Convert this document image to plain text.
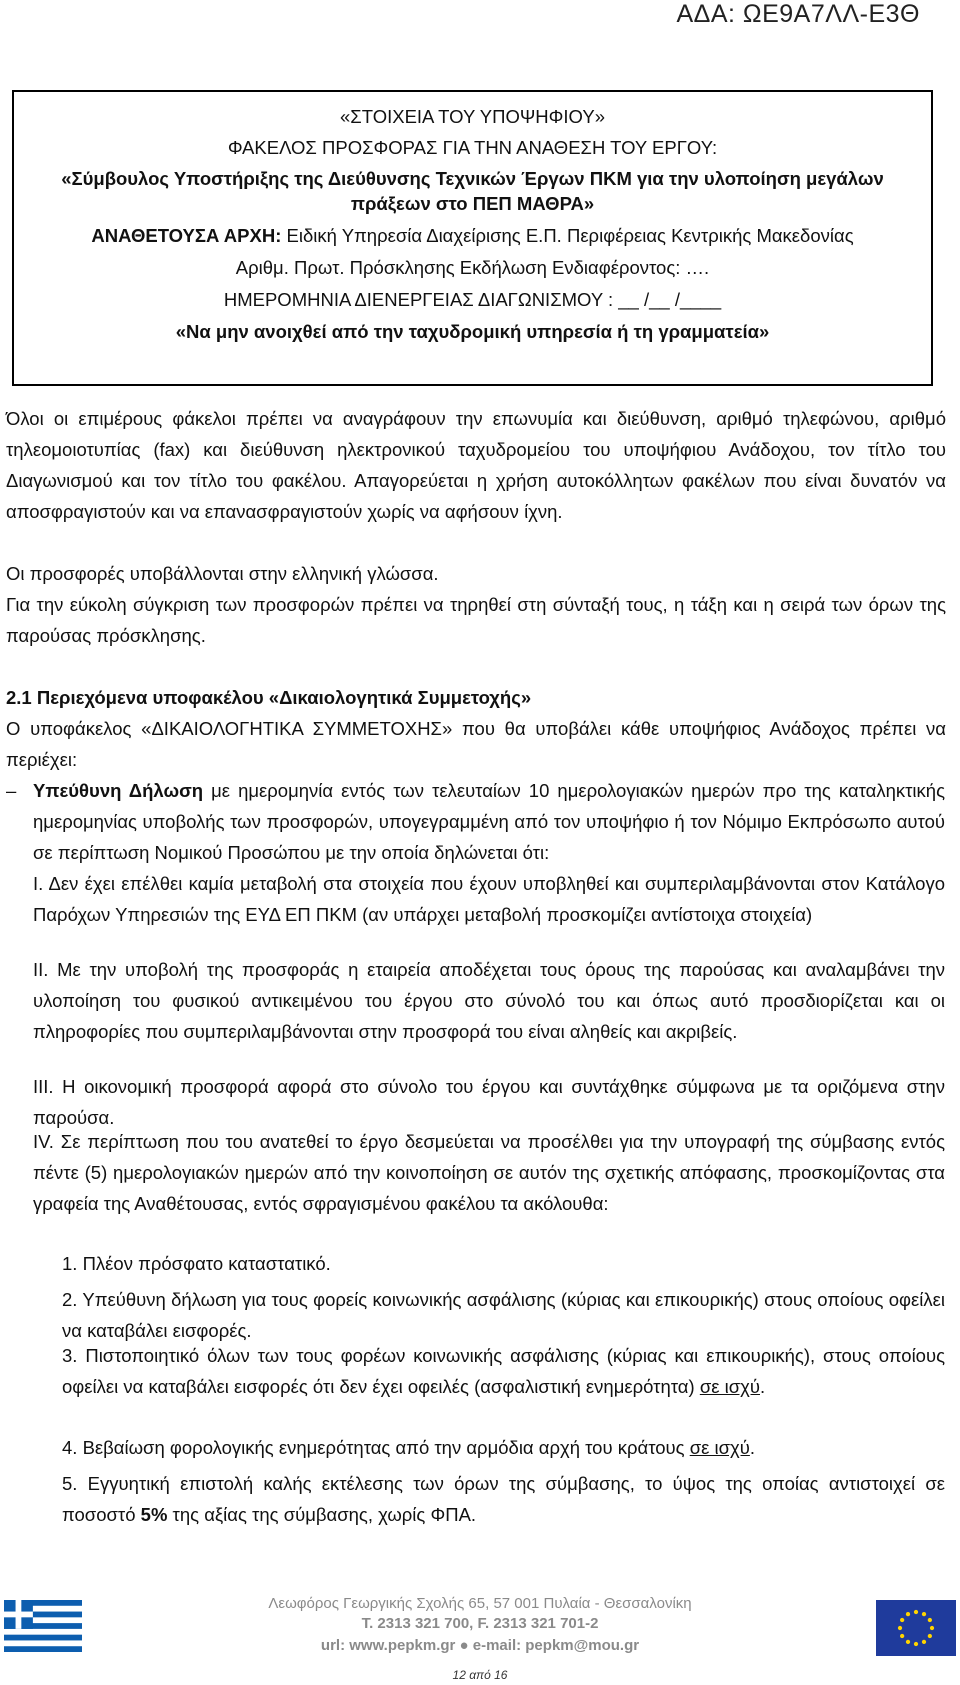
ΑΔΑ: ΩΕ9Α7ΛΛ-Ε3Θ
«ΣΤΟΙΧΕΙΑ ΤΟΥ ΥΠΟΨΗΦΙΟΥ»
ΦΑΚΕΛΟΣ ΠΡΟΣΦΟΡΑΣ ΓΙΑ ΤΗΝ ΑΝΑΘΕΣΗ ΤΟΥ ΕΡΓΟΥ:
«Σύμβουλος Υποστήριξης της Διεύθυνσης Τεχνικών Έργων ΠΚΜ για την υλοποίηση μεγάλων
πράξεων στο ΠΕΠ ΜΑΘΡΑ»
ΑΝΑΘΕΤΟΥΣΑ ΑΡΧΗ: Ειδική Υπηρεσία Διαχείρισης Ε.Π. Περιφέρειας Κεντρικής Μακεδονίας
Αριθμ. Πρωτ. Πρόσκλησης Εκδήλωση Ενδιαφέροντος: ….
ΗΜΕΡΟΜΗΝΙΑ ΔΙΕΝΕΡΓΕΙΑΣ ΔΙΑΓΩΝΙΣΜΟΥ : __ /__ /____
«Να μην ανοιχθεί από την ταχυδρομική υπηρεσία ή τη γραμματεία»

Όλοι οι επιμέρους φάκελοι πρέπει να αναγράφουν την επωνυμία και διεύθυνση, αριθμό τηλεφώνου, αριθμό τηλεομοιοτυπίας (fax) και διεύθυνση ηλεκτρονικού ταχυδρομείου του υποψήφιου Ανάδοχου, τον τίτλο του Διαγωνισμού και τον τίτλο του φακέλου. Απαγορεύεται η χρήση αυτοκόλλητων φακέλων που είναι δυνατόν να αποσφραγιστούν και να επανασφραγιστούν χωρίς να αφήσουν ίχνη.

Οι προσφορές υποβάλλονται στην ελληνική γλώσσα.

Για την εύκολη σύγκριση των προσφορών πρέπει να τηρηθεί στη σύνταξή τους, η τάξη και η σειρά των όρων της παρούσας πρόσκλησης.

2.1 Περιεχόμενα υποφακέλου «Δικαιολογητικά Συμμετοχής»

Ο υποφάκελος «ΔΙΚΑΙΟΛΟΓΗΤΙΚΑ ΣΥΜΜΕΤΟΧΗΣ» που θα υποβάλει κάθε υποψήφιος Ανάδοχος πρέπει να περιέχει:

– Υπεύθυνη Δήλωση με ημερομηνία εντός των τελευταίων 10 ημερολογιακών ημερών προ της καταληκτικής ημερομηνίας υποβολής των προσφορών, υπογεγραμμένη από τον υποψήφιο ή τον Νόμιμο Εκπρόσωπο αυτού σε περίπτωση Νομικού Προσώπου με την οποία δηλώνεται ότι:

Ι. Δεν έχει επέλθει καμία μεταβολή στα στοιχεία που έχουν υποβληθεί και συμπεριλαμβάνονται στον Κατάλογο Παρόχων Υπηρεσιών της ΕΥΔ ΕΠ ΠΚΜ (αν υπάρχει μεταβολή προσκομίζει αντίστοιχα στοιχεία)

ΙΙ. Με την υποβολή της προσφοράς η εταιρεία αποδέχεται τους όρους της παρούσας και αναλαμβάνει την υλοποίηση του φυσικού αντικειμένου του έργου στο σύνολό του και όπως αυτό προσδιορίζεται και οι πληροφορίες που συμπεριλαμβάνονται στην προσφορά του είναι αληθείς και ακριβείς.

ΙΙΙ. Η οικονομική προσφορά αφορά στο σύνολο του έργου και συντάχθηκε σύμφωνα με τα οριζόμενα στην παρούσα.

ΙV. Σε περίπτωση που του ανατεθεί το έργο δεσμεύεται να προσέλθει για την υπογραφή της σύμβασης εντός πέντε (5) ημερολογιακών ημερών από την κοινοποίηση σε αυτόν της σχετικής απόφασης, προσκομίζοντας στα γραφεία της Αναθέτουσας, εντός σφραγισμένου φακέλου τα ακόλουθα:

1. Πλέον πρόσφατο καταστατικό.

2. Υπεύθυνη δήλωση για τους φορείς κοινωνικής ασφάλισης (κύριας και επικουρικής) στους οποίους οφείλει να καταβάλει εισφορές.

3. Πιστοποιητικό όλων των τους φορέων κοινωνικής ασφάλισης (κύριας και επικουρικής), στους οποίους οφείλει να καταβάλει εισφορές ότι δεν έχει οφειλές (ασφαλιστική ενημερότητα) σε ισχύ.

4. Βεβαίωση φορολογικής ενημερότητας από την αρμόδια αρχή του κράτους σε ισχύ.

5. Εγγυητική επιστολή καλής εκτέλεσης των όρων της σύμβασης, το ύψος της οποίας αντιστοιχεί σε ποσοστό 5% της αξίας της σύμβασης, χωρίς ΦΠΑ.

Λεωφόρος Γεωργικής Σχολής 65, 57 001 Πυλαία - Θεσσαλονίκη
Τ. 2313 321 700, F. 2313 321 701-2
url: www.pepkm.gr ● e-mail: pepkm@mou.gr
12 από 16
